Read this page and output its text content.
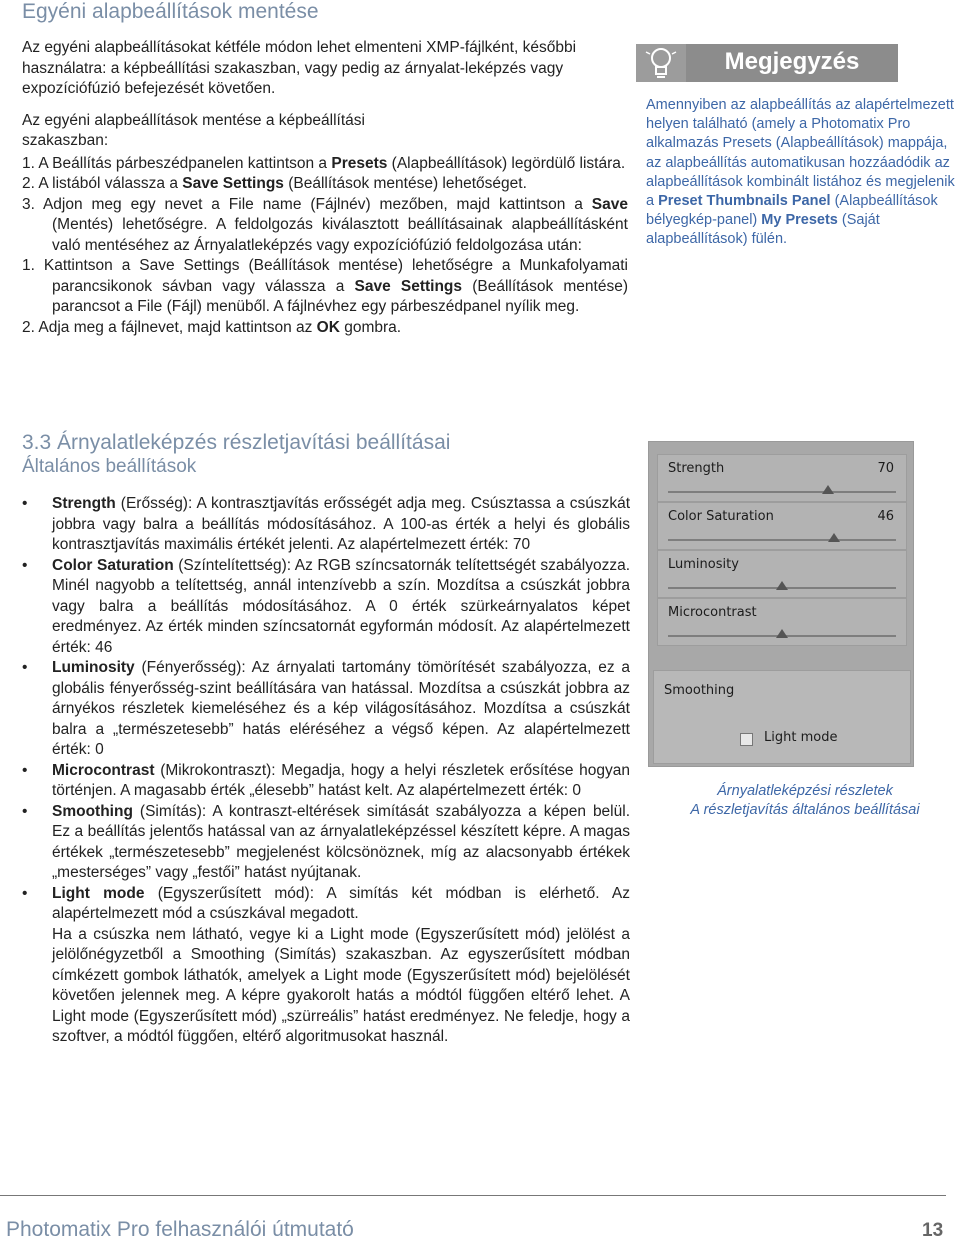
Egyéni alapbeállítások mentése

Az egyéni alapbeállításokat kétféle módon lehet elmenteni XMP-fájlként, későbbi használatra: a képbeállítási szakaszban, vagy pedig az árnyalat-leképzés vagy expozíciófúzió befejezését követően.

Az egyéni alapbeállítások mentése a képbeállítási szakaszban:

1. A Beállítás párbeszédpanelen kattintson a Presets (Alapbeállítások) legördülő listára.

2. A listából válassza a Save Settings (Beállítások mentése) lehetőséget.

3. Adjon meg egy nevet a File name (Fájlnév) mezőben, majd kattintson a Save (Mentés) lehetőségre. A feldolgozás kiválasztott beállításainak alapbeállításként való mentéséhez az Árnyalatleképzés vagy expozíciófúzió feldolgozása után:

1. Kattintson a Save Settings (Beállítások mentése) lehetőségre a Munkafolyamati parancsikonok sávban vagy válassza a Save Settings (Beállítások mentése) parancsot a File (Fájl) menüből. A fájlnévhez egy párbeszédpanel nyílik meg.

2. Adja meg a fájlnevet, majd kattintson az OK gombra.

Megjegyzés
Amennyiben az alapbeállítás az alapértelmezett helyen található (amely a Photomatix Pro alkalmazás Presets (Alapbeállítások) mappája, az alapbeállítás automatikusan hozzáadódik az alapbeállítások kombinált listához és megjelenik a Preset Thumbnails Panel (Alapbeállítások bélyegkép-panel) My Presets (Saját alapbeállítások) fülén.
3.3 Árnyalatleképzés részletjavítási beállításai
Általános beállítások
• Strength (Erősség): A kontrasztjavítás erősségét adja meg. Csúsztassa a csúszkát jobbra vagy balra a beállítás módosításához. A 100-as érték a helyi és globális kontrasztjavítás maximális értékét jelenti. Az alapértelmezett érték: 70
• Color Saturation (Színtelítettség): Az RGB színcsatornák telítettségét szabályozza. Minél nagyobb a telítettség, annál intenzívebb a szín. Mozdítsa a csúszkát jobbra vagy balra a beállítás módosításához. A 0 érték szürkeárnyalatos képet eredményez. Az érték minden színcsatornát egyformán módosít. Az alapértelmezett érték: 46
• Luminosity (Fényerősség): Az árnyalati tartomány tömörítését szabályozza, ez a globális fényerősség-szint beállítására van hatással. Mozdítsa a csúszkát jobbra az árnyékos részletek kiemeléséhez és a kép világosításához. Mozdítsa a csúszkát balra a „természetesebb” hatás eléréséhez a végső képen. Az alapértelmezett érték: 0
• Microcontrast (Mikrokontraszt): Megadja, hogy a helyi részletek erősítése hogyan történjen. A magasabb érték „élesebb” hatást kelt. Az alapértelmezett érték: 0
• Smoothing (Simítás): A kontraszt-eltérések simítását szabályozza a képen belül. Ez a beállítás jelentős hatással van az árnyalatleképzéssel készített képre. A magas értékek „természetesebb” megjelenést kölcsönöznek, míg az alacsonyabb értékek „mesterséges” vagy „festői” hatást nyújtanak.
• Light mode (Egyszerűsített mód): A simítás két módban is elérhető. Az alapértelmezett mód a csúszkával megadott.

Ha a csúszka nem látható, vegye ki a Light mode (Egyszerűsített mód) jelölést a jelölőnégyzetből a Smoothing (Simítás) szakaszban. Az egyszerűsített módban címkézett gombok láthatók, amelyek a Light mode (Egyszerűsített mód) bejelölését követően jelennek meg. A képre gyakorolt hatás a módtól függően eltérő lehet. A Light mode (Egyszerűsített mód) „szürreális” hatást eredményez. Ne feledje, hogy a szoftver, a módtól függően, eltérő algoritmusokat használ.

Strength	70
Color Saturation	46
Luminosity
Microcontrast
Smoothing
Light mode
Árnyalatleképzési részletek
A részletjavítás általános beállításai
Photomatix Pro felhasználói útmutató	13
